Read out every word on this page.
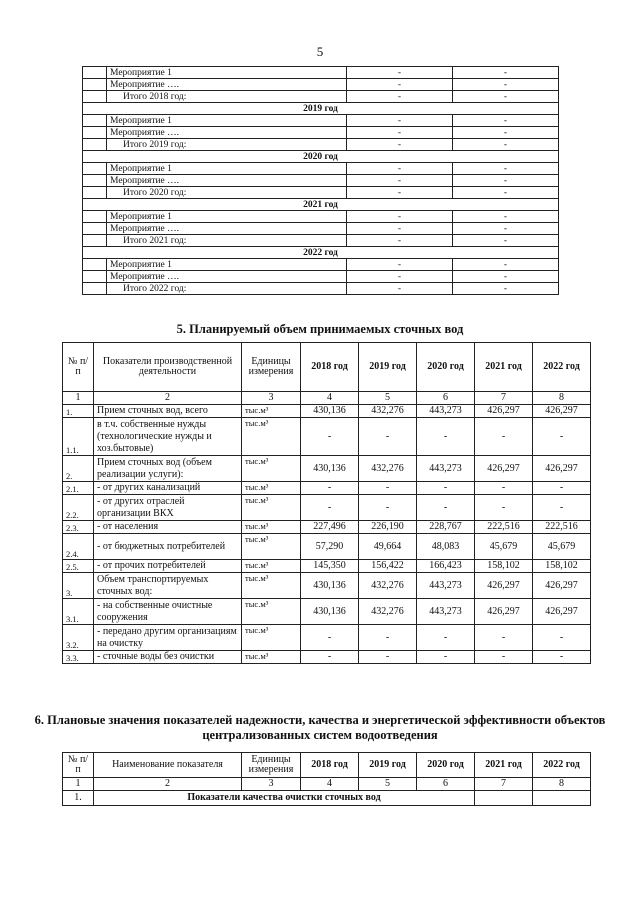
5
	Мероприятие 1	-	-
	Мероприятие ….	-	-
	Итого 2018 год:	-	-
2019 год			
	Мероприятие 1	-	-
	Мероприятие ….	-	-
	Итого 2019 год:	-	-
2020 год			
	Мероприятие 1	-	-
	Мероприятие ….	-	-
	Итого 2020 год:	-	-
2021 год			
	Мероприятие 1	-	-
	Мероприятие ….	-	-
	Итого 2021 год:	-	-
2022 год			
	Мероприятие 1	-	-
	Мероприятие ….	-	-
	Итого 2022 год:	-	-
5. Планируемый объем принимаемых сточных вод
№ п/п	Показатели производственной деятельности	Единицы измерения	2018 год	2019 год	2020 год	2021 год	2022 год
1	2	3	4	5	6	7	8
1.	Прием сточных вод, всего	тыс.м³	430,136	432,276	443,273	426,297	426,297
1.1.	в т.ч. собственные нужды (технологические нужды и хоз.бытовые)	тыс.м³	-	-	-	-	-
2.	Прием сточных вод (объем реализации услуги):	тыс.м³	430,136	432,276	443,273	426,297	426,297
2.1.	- от других канализаций	тыс.м³	-	-	-	-	-
2.2.	- от других отраслей организации ВКХ	тыс.м³	-	-	-	-	-
2.3.	- от населения	тыс.м³	227,496	226,190	228,767	222,516	222,516
2.4.	- от бюджетных потребителей	тыс.м³	57,290	49,664	48,083	45,679	45,679
2.5.	- от прочих потребителей	тыс.м³	145,350	156,422	166,423	158,102	158,102
3.	Объем транспортируемых сточных вод:	тыс.м³	430,136	432,276	443,273	426,297	426,297
3.1.	- на собственные очистные сооружения	тыс.м³	430,136	432,276	443,273	426,297	426,297
3.2.	- передано другим организациям на очистку	тыс.м³	-	-	-	-	-
3.3.	- сточные воды без очистки	тыс.м³	-	-	-	-	-
6. Плановые значения показателей надежности, качества и энергетической эффективности объектов централизованных систем водоотведения
№ п/п	Наименование показателя	Единицы измерения	2018 год	2019 год	2020 год	2021 год	2022 год
1	2	3	4	5	6	7	8
1.	Показатели качества очистки сточных вод						
